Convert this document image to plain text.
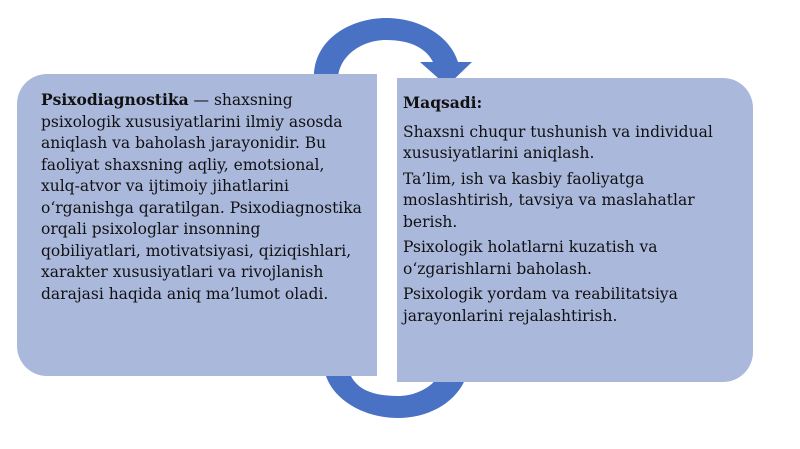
Psixodiagnostika — shaxsning psixologik xususiyatlarini ilmiy asosda aniqlash va baholash jarayonidir. Bu faoliyat shaxsning aqliy, emotsional, xulq-atvor va ijtimoiy jihatlarini o‘rganishga qaratilgan. Psixodiagnostika orqali psixologlar insonning qobiliyatlari, motivatsiyasi, qiziqishlari, xarakter xususiyatlari va rivojlanish darajasi haqida aniq ma’lumot oladi.
Maqsadi:
Shaxsni chuqur tushunish va individual xususiyatlarini aniqlash.
Ta’lim, ish va kasbiy faoliyatga moslashtirish, tavsiya va maslahatlar berish.
Psixologik holatlarni kuzatish va o‘zgarishlarni baholash.
Psixologik yordam va reabilitatsiya jarayonlarini rejalashtirish.
